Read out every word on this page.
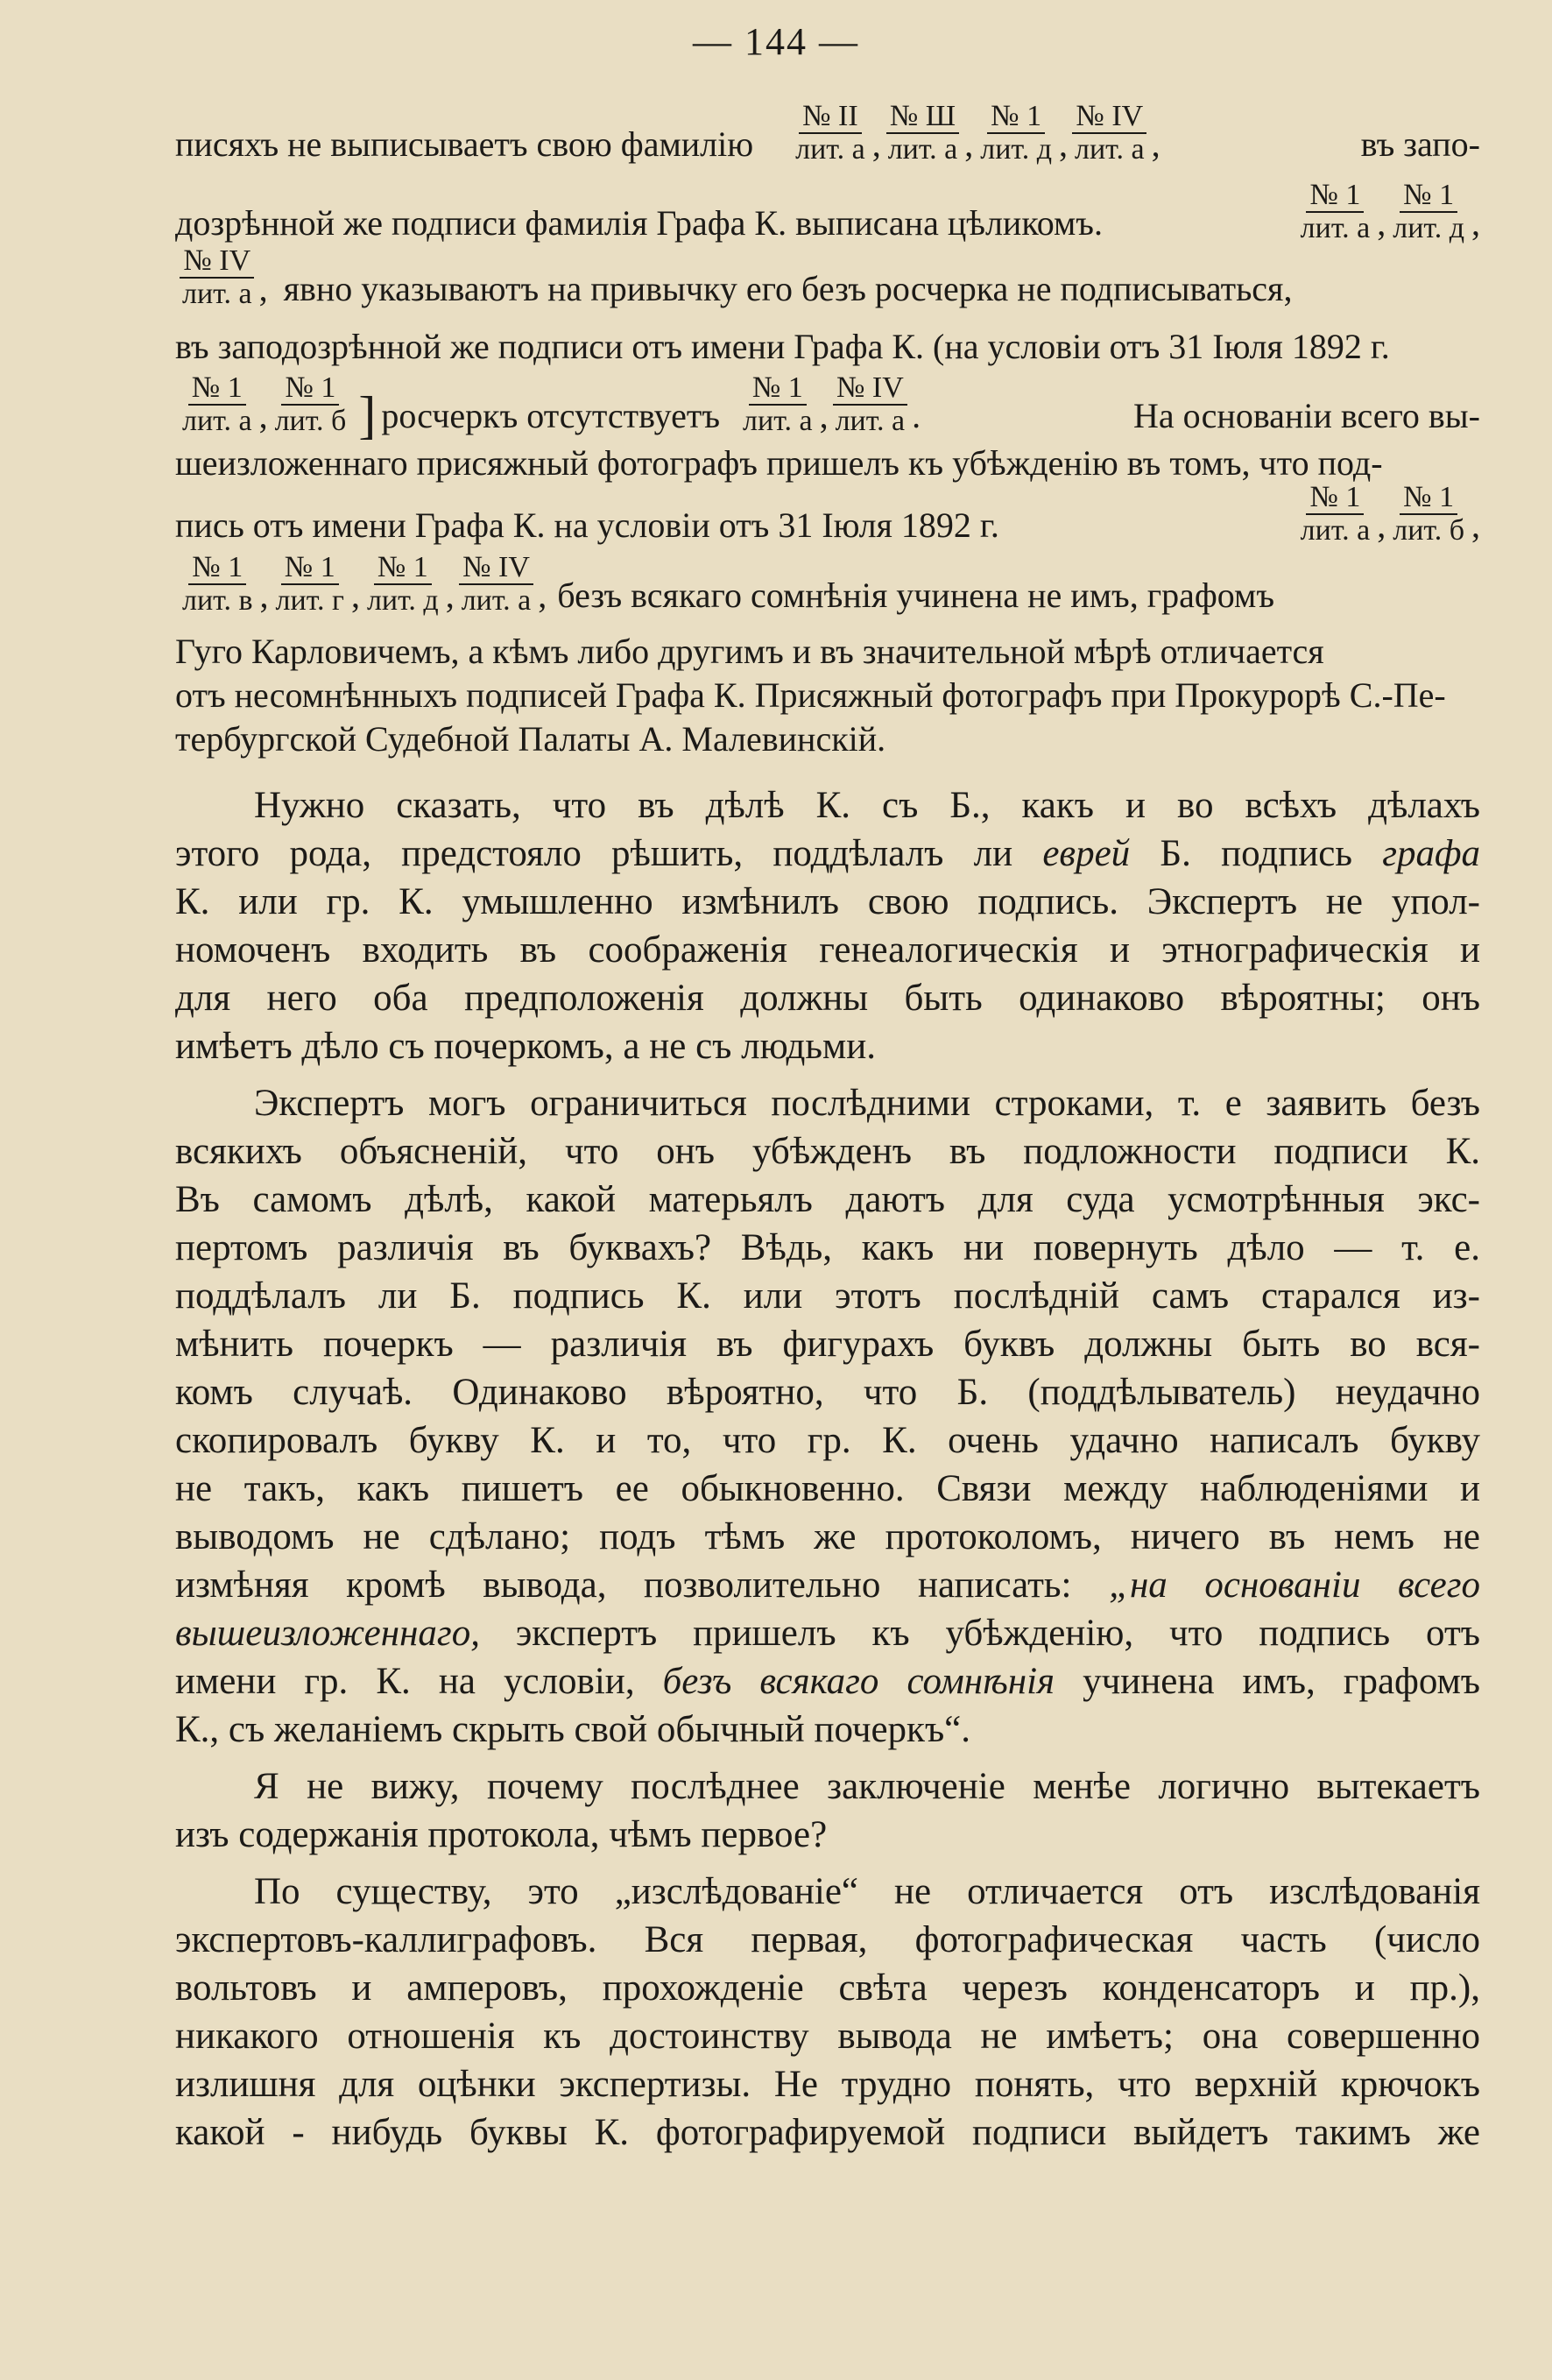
— 144 —
писяхъ не выписываетъ свою фамилію $\frac{№ II}{\text{лит. а}}$ , $\frac{№ Ш}{\text{лит. а}}$ , $\frac{№ 1}{\text{лит. д}}$ , $\frac{№ IV}{\text{лит. а}}$ ,	въ запо-
дозрѣнной же подписи фамилія Графа К. выписана цѣликомъ.	$\frac{№ 1}{\text{лит. а}}$ , $\frac{№ 1}{\text{лит. д}}$ ,
$\frac{№ IV}{\text{лит. а}}$ , явно указываютъ на привычку его безъ росчерка не подписываться,
въ заподозрѣнной же подписи отъ имени Графа К. (на условіи отъ 31 Іюля 1892 г.
$\frac{№ 1}{\text{лит. а}}$ , $\frac{№ 1}{\text{лит. б}}$ ] росчеркъ отсутствуетъ $\frac{№ 1}{\text{лит. а}}$ , $\frac{№ IV}{\text{лит. а}}$ .	На основаніи всего вы-
шеизложеннаго присяжный фотографъ пришелъ къ убѣжденію въ томъ, что под-
пись отъ имени Графа К. на условіи отъ 31 Іюля 1892 г.	$\frac{№ 1}{\text{лит. а}}$ , $\frac{№ 1}{\text{лит. б}}$ ,
$\frac{№ 1}{\text{лит. в}}$ , $\frac{№ 1}{\text{лит. г}}$ , $\frac{№ 1}{\text{лит. д}}$ , $\frac{№ IV}{\text{лит. а}}$ , безъ всякаго сомнѣнія учинена не имъ, графомъ
Гуго Карловичемъ, а кѣмъ либо другимъ и въ значительной мѣрѣ отличается
отъ несомнѣнныхъ подписей Графа К. Присяжный фотографъ при Прокурорѣ С.-Пе-
тербургской Судебной Палаты А. Малевинскій.
Нужно сказать, что въ дѣлѣ К. съ Б., какъ и во всѣхъ дѣлахъ
этого рода, предстояло рѣшить, поддѣлалъ ли еврей Б. подпись графа
К. или гр. К. умышленно измѣнилъ свою подпись. Экспертъ не упол-
номоченъ входить въ соображенія генеалогическія и этнографическія и
для него оба предположенія должны быть одинаково вѣроятны; онъ
имѣетъ дѣло съ почеркомъ, а не съ людьми.
Экспертъ могъ ограничиться послѣдними строками, т. е заявить безъ
всякихъ объясненій, что онъ убѣжденъ въ подложности подписи К.
Въ самомъ дѣлѣ, какой матерьялъ даютъ для суда усмотрѣнныя экс-
пертомъ различія въ буквахъ? Вѣдь, какъ ни повернуть дѣло — т. е.
поддѣлалъ ли Б. подпись К. или этотъ послѣдній самъ старался из-
мѣнить почеркъ — различія въ фигурахъ буквъ должны быть во вся-
комъ случаѣ. Одинаково вѣроятно, что Б. (поддѣлыватель) неудачно
скопировалъ букву К. и то, что гр. К. очень удачно написалъ букву
не такъ, какъ пишетъ ее обыкновенно. Связи между наблюденіями и
выводомъ не сдѣлано; подъ тѣмъ же протоколомъ, ничего въ немъ не
измѣняя кромѣ вывода, позволительно написать: „на основаніи всего
вышеизложеннаго, экспертъ пришелъ къ убѣжденію, что подпись отъ
имени гр. К. на условіи, безъ всякаго сомнѣнія учинена имъ, графомъ
К., съ желаніемъ скрыть свой обычный почеркъ“.
Я не вижу, почему послѣднее заключеніе менѣе логично вытекаетъ
изъ содержанія протокола, чѣмъ первое?
По существу, это „изслѣдованіе“ не отличается отъ изслѣдованія
экспертовъ-каллиграфовъ. Вся первая, фотографическая часть (число
вольтовъ и амперовъ, прохожденіе свѣта черезъ конденсаторъ и пр.),
никакого отношенія къ достоинству вывода не имѣетъ; она совершенно
излишня для оцѣнки экспертизы. Не трудно понять, что верхній крючокъ
какой - нибудь буквы К. фотографируемой подписи выйдетъ такимъ же
